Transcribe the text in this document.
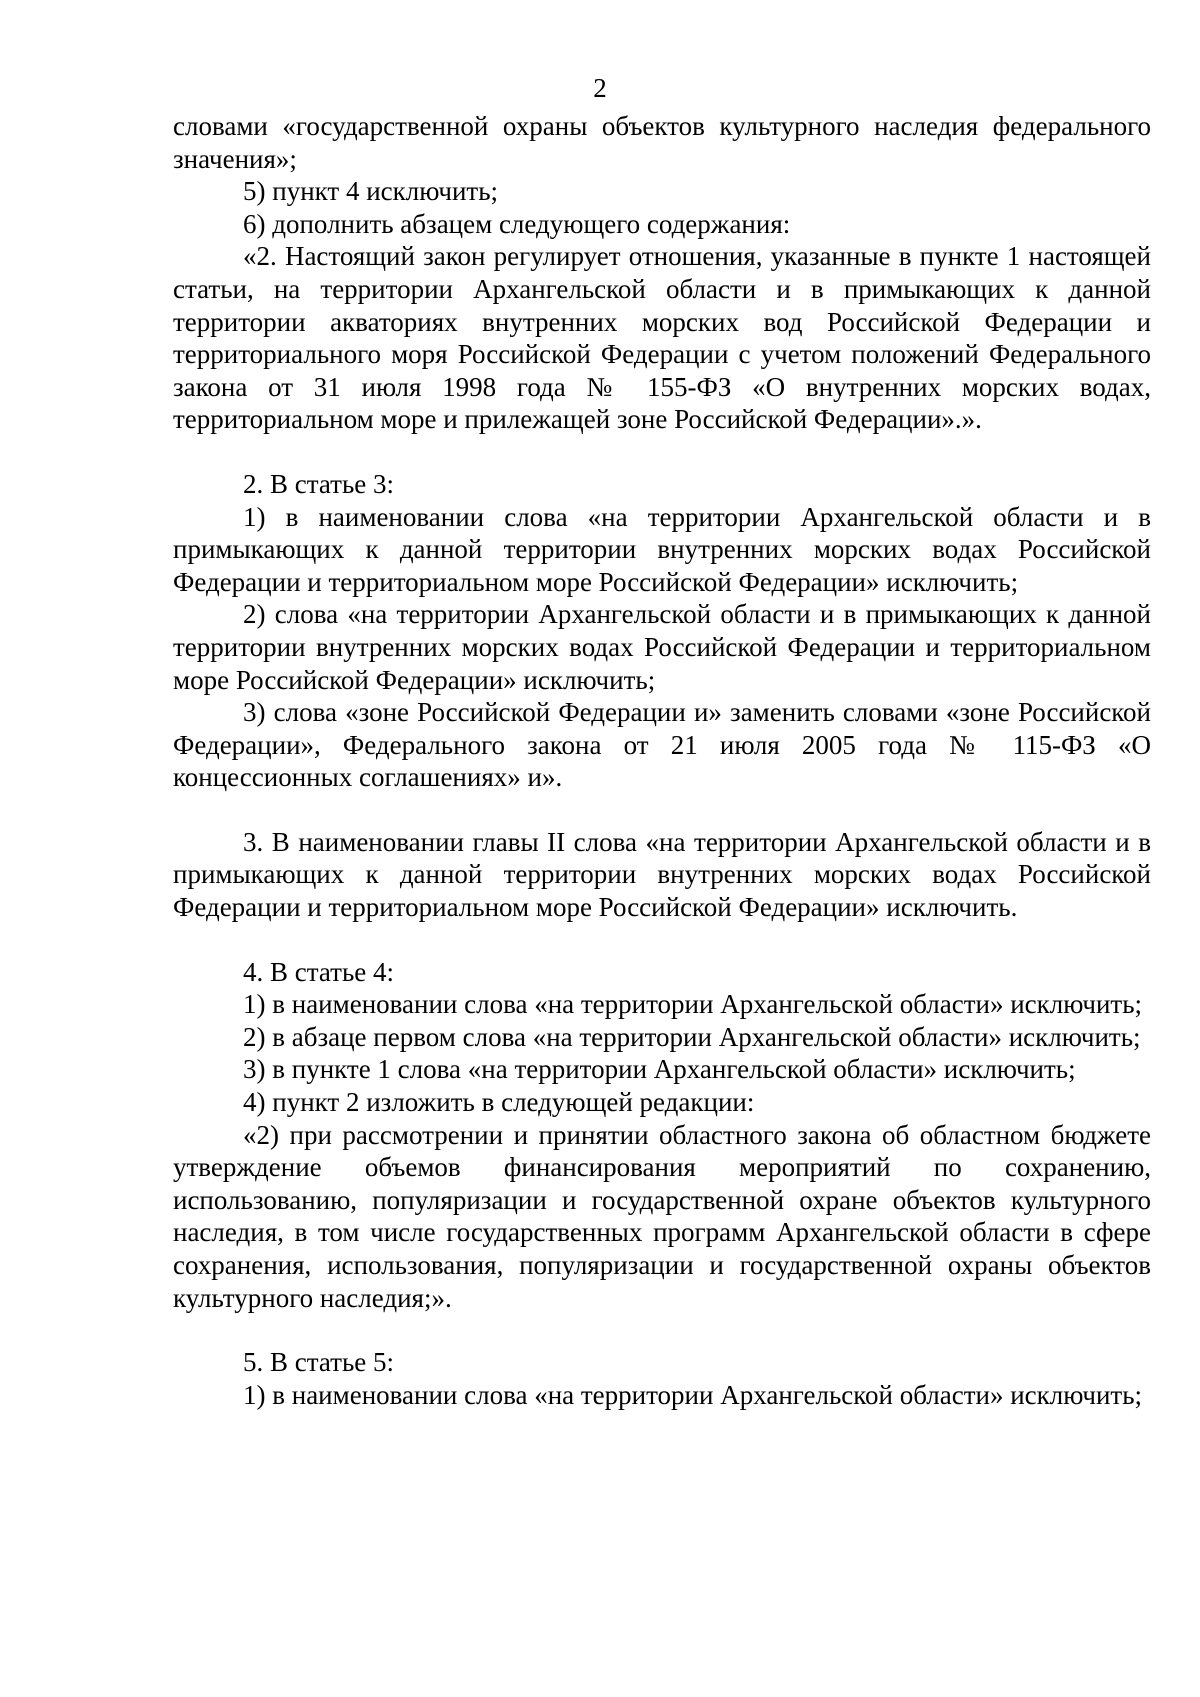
2

словами «государственной охраны объектов культурного наследия федерального значения»;

5) пункт 4 исключить;

6) дополнить абзацем следующего содержания:

«2. Настоящий закон регулирует отношения, указанные в пункте 1 настоящей статьи, на территории Архангельской области и в примыкающих к данной территории акваториях внутренних морских вод Российской Федерации и территориального моря Российской Федерации с учетом положений Федерального закона от 31 июля 1998 года № 155-ФЗ «О внутренних морских водах, территориальном море и прилежащей зоне Российской Федерации».».

2. В статье 3:

1) в наименовании слова «на территории Архангельской области и в примыкающих к данной территории внутренних морских водах Российской Федерации и территориальном море Российской Федерации» исключить;

2) слова «на территории Архангельской области и в примыкающих к данной территории внутренних морских водах Российской Федерации и территориальном море Российской Федерации» исключить;

3) слова «зоне Российской Федерации и» заменить словами «зоне Российской Федерации», Федерального закона от 21 июля 2005 года № 115-ФЗ «О концессионных соглашениях» и».

3. В наименовании главы II слова «на территории Архангельской области и в примыкающих к данной территории внутренних морских водах Российской Федерации и территориальном море Российской Федерации» исключить.

4. В статье 4:

1) в наименовании слова «на территории Архангельской области» исключить;

2) в абзаце первом слова «на территории Архангельской области» исключить;

3) в пункте 1 слова «на территории Архангельской области» исключить;

4) пункт 2 изложить в следующей редакции:

«2) при рассмотрении и принятии областного закона об областном бюджете утверждение объемов финансирования мероприятий по сохранению, использованию, популяризации и государственной охране объектов культурного наследия, в том числе государственных программ Архангельской области в сфере сохранения, использования, популяризации и государственной охраны объектов культурного наследия;».

5. В статье 5:

1) в наименовании слова «на территории Архангельской области» исключить;
